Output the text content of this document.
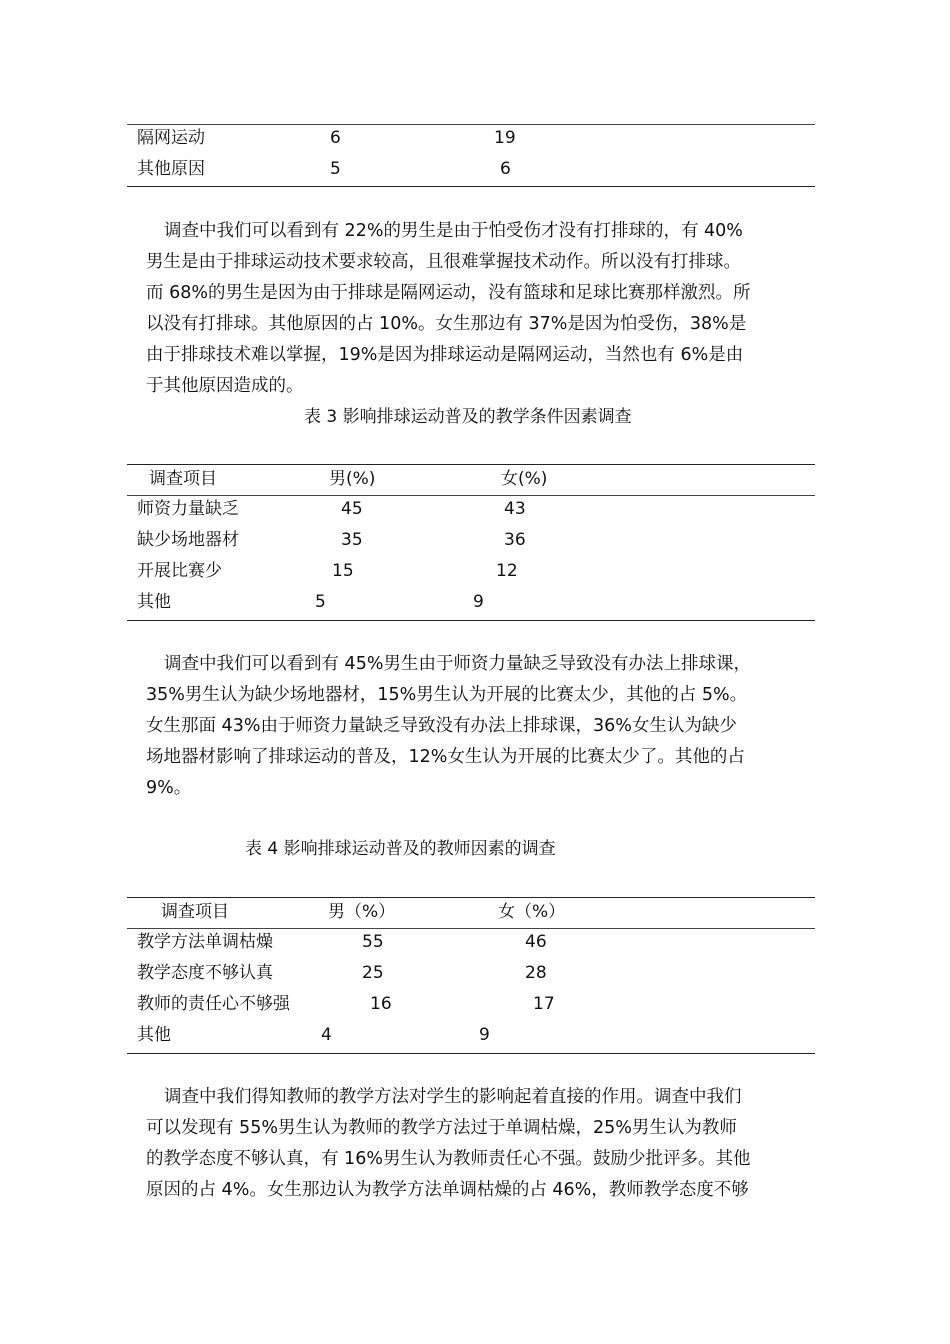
隔网运动	6	19
其他原因	5	6

调查中我们可以看到有 22%的男生是由于怕受伤才没有打排球的，有 40%
男生是由于排球运动技术要求较高，且很难掌握技术动作。所以没有打排球。
而 68%的男生是因为由于排球是隔网运动，没有篮球和足球比赛那样激烈。所
以没有打排球。其他原因的占 10%。女生那边有 37%是因为怕受伤，38%是
由于排球技术难以掌握，19%是因为排球运动是隔网运动，当然也有 6%是由
于其他原因造成的。

表 3 影响排球运动普及的教学条件因素调查
调查项目	男(%)	女(%)
师资力量缺乏	45	43
缺少场地器材	35	36
开展比赛少	15	12
其他	5	9

调查中我们可以看到有 45%男生由于师资力量缺乏导致没有办法上排球课，
35%男生认为缺少场地器材，15%男生认为开展的比赛太少，其他的占 5%。
女生那面 43%由于师资力量缺乏导致没有办法上排球课，36%女生认为缺少
场地器材影响了排球运动的普及，12%女生认为开展的比赛太少了。其他的占
9%。

表 4 影响排球运动普及的教师因素的调查
调查项目	男（%）	女（%）
教学方法单调枯燥	55	46
教学态度不够认真	25	28
教师的责任心不够强	16	17
其他	4	9

调查中我们得知教师的教学方法对学生的影响起着直接的作用。调查中我们
可以发现有 55%男生认为教师的教学方法过于单调枯燥，25%男生认为教师
的教学态度不够认真，有 16%男生认为教师责任心不强。鼓励少批评多。其他
原因的占 4%。女生那边认为教学方法单调枯燥的占 46%，教师教学态度不够
